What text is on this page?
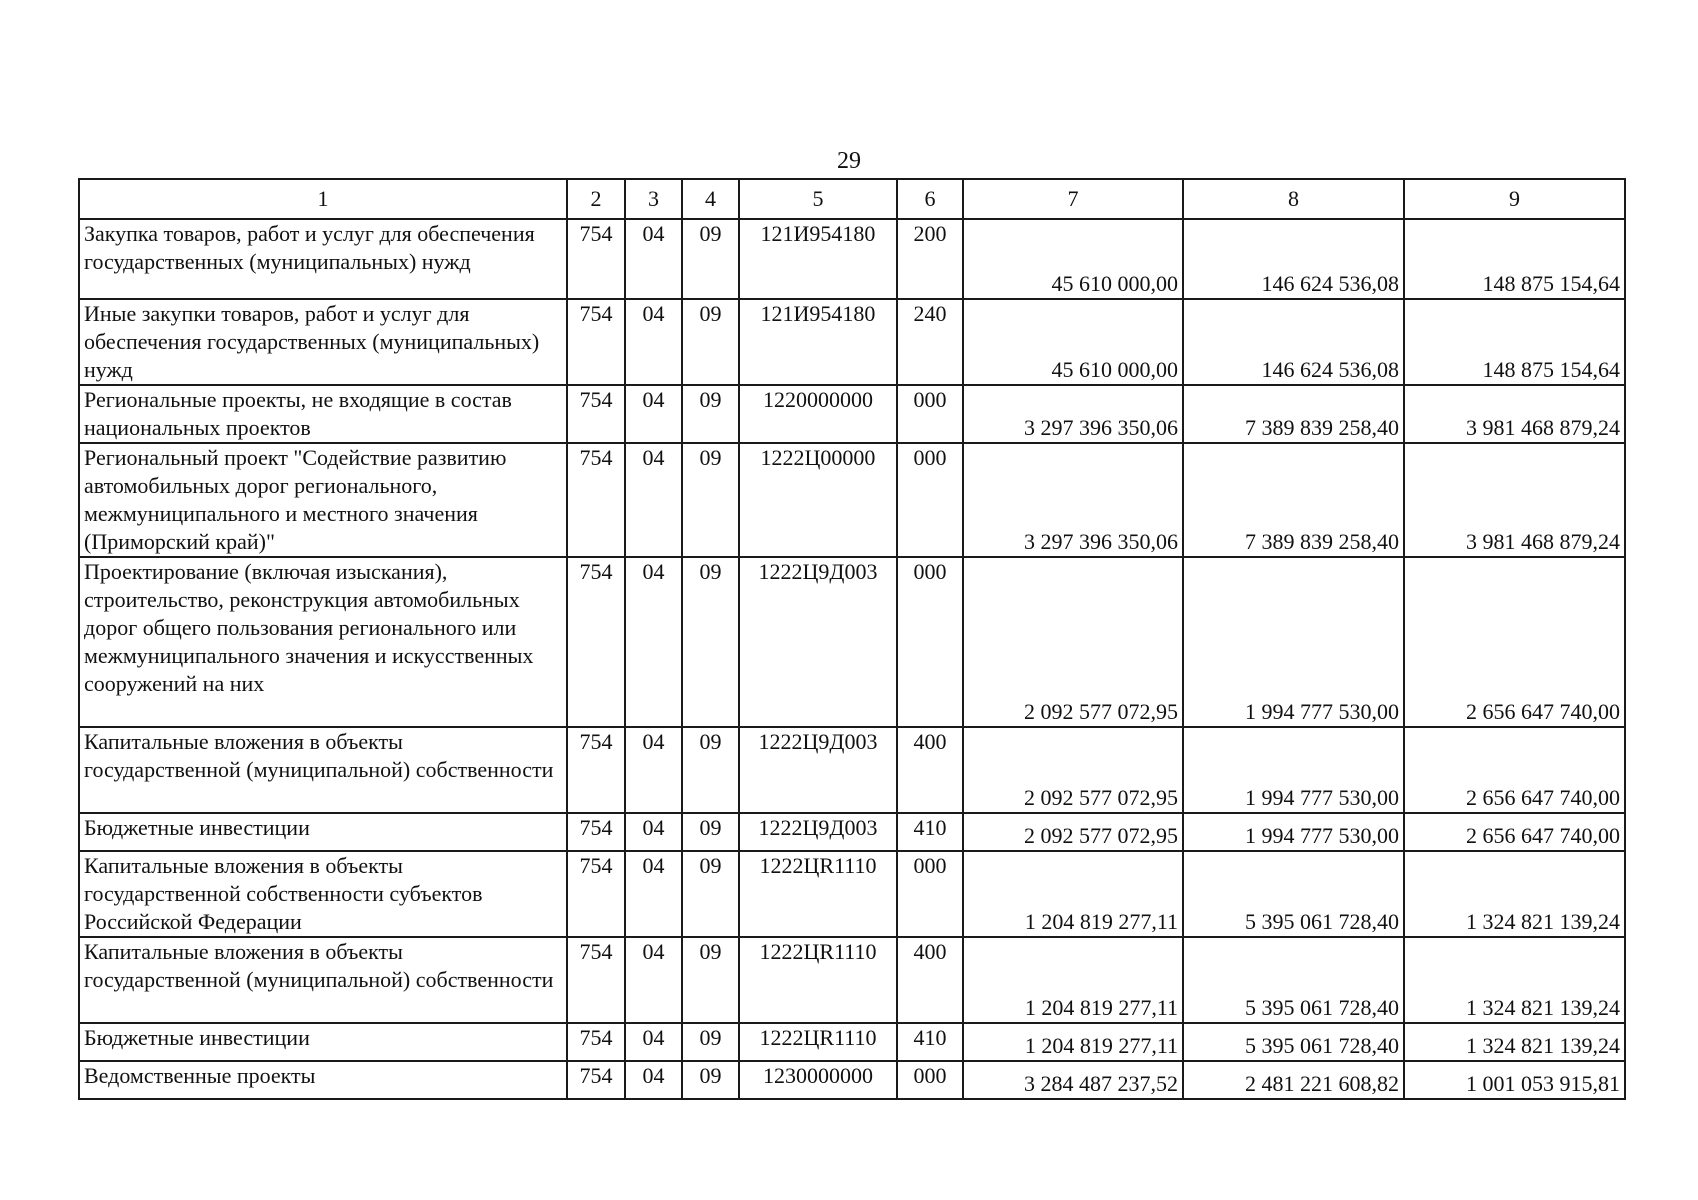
29
1	2	3	4	5	6	7	8	9
Закупка товаров, работ и услуг для обеспечения государственных (муниципальных) нужд	754	04	09	121И954180	200	45 610 000,00	146 624 536,08	148 875 154,64
Иные закупки товаров, работ и услуг для обеспечения государственных (муниципальных) нужд	754	04	09	121И954180	240	45 610 000,00	146 624 536,08	148 875 154,64
Региональные проекты, не входящие в состав национальных проектов	754	04	09	1220000000	000	3 297 396 350,06	7 389 839 258,40	3 981 468 879,24
Региональный проект "Содействие развитию автомобильных дорог регионального, межмуниципального и местного значения (Приморский край)"	754	04	09	1222Ц00000	000	3 297 396 350,06	7 389 839 258,40	3 981 468 879,24
Проектирование (включая изыскания), строительство, реконструкция автомобильных дорог общего пользования регионального или межмуниципального значения и искусственных сооружений на них	754	04	09	1222Ц9Д003	000	2 092 577 072,95	1 994 777 530,00	2 656 647 740,00
Капитальные вложения в объекты государственной (муниципальной) собственности	754	04	09	1222Ц9Д003	400	2 092 577 072,95	1 994 777 530,00	2 656 647 740,00
Бюджетные инвестиции	754	04	09	1222Ц9Д003	410	2 092 577 072,95	1 994 777 530,00	2 656 647 740,00
Капитальные вложения в объекты государственной собственности субъектов Российской Федерации	754	04	09	1222ЦR1110	000	1 204 819 277,11	5 395 061 728,40	1 324 821 139,24
Капитальные вложения в объекты государственной (муниципальной) собственности	754	04	09	1222ЦR1110	400	1 204 819 277,11	5 395 061 728,40	1 324 821 139,24
Бюджетные инвестиции	754	04	09	1222ЦR1110	410	1 204 819 277,11	5 395 061 728,40	1 324 821 139,24
Ведомственные проекты	754	04	09	1230000000	000	3 284 487 237,52	2 481 221 608,82	1 001 053 915,81
